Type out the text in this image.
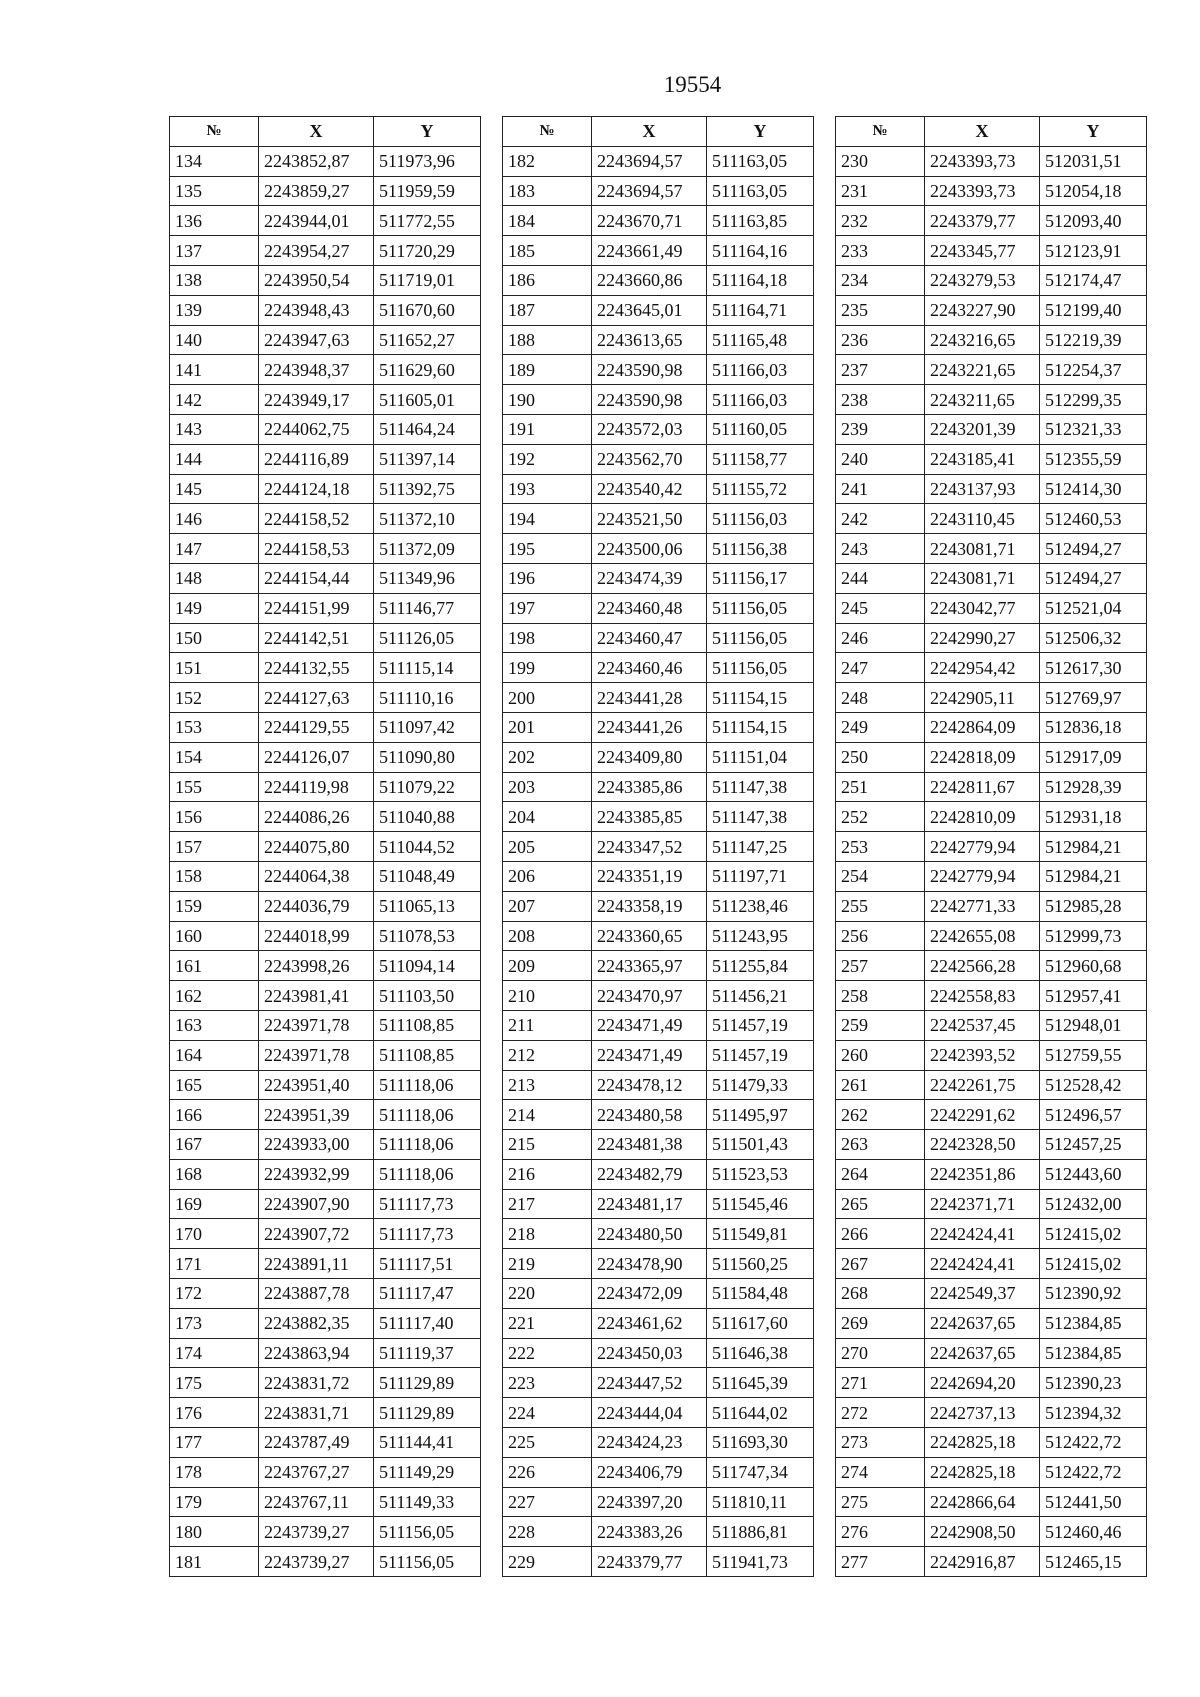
19554
№	X	Y
134	2243852,87	511973,96
135	2243859,27	511959,59
136	2243944,01	511772,55
137	2243954,27	511720,29
138	2243950,54	511719,01
139	2243948,43	511670,60
140	2243947,63	511652,27
141	2243948,37	511629,60
142	2243949,17	511605,01
143	2244062,75	511464,24
144	2244116,89	511397,14
145	2244124,18	511392,75
146	2244158,52	511372,10
147	2244158,53	511372,09
148	2244154,44	511349,96
149	2244151,99	511146,77
150	2244142,51	511126,05
151	2244132,55	511115,14
152	2244127,63	511110,16
153	2244129,55	511097,42
154	2244126,07	511090,80
155	2244119,98	511079,22
156	2244086,26	511040,88
157	2244075,80	511044,52
158	2244064,38	511048,49
159	2244036,79	511065,13
160	2244018,99	511078,53
161	2243998,26	511094,14
162	2243981,41	511103,50
163	2243971,78	511108,85
164	2243971,78	511108,85
165	2243951,40	511118,06
166	2243951,39	511118,06
167	2243933,00	511118,06
168	2243932,99	511118,06
169	2243907,90	511117,73
170	2243907,72	511117,73
171	2243891,11	511117,51
172	2243887,78	511117,47
173	2243882,35	511117,40
174	2243863,94	511119,37
175	2243831,72	511129,89
176	2243831,71	511129,89
177	2243787,49	511144,41
178	2243767,27	511149,29
179	2243767,11	511149,33
180	2243739,27	511156,05
181	2243739,27	511156,05
№	X	Y
182	2243694,57	511163,05
183	2243694,57	511163,05
184	2243670,71	511163,85
185	2243661,49	511164,16
186	2243660,86	511164,18
187	2243645,01	511164,71
188	2243613,65	511165,48
189	2243590,98	511166,03
190	2243590,98	511166,03
191	2243572,03	511160,05
192	2243562,70	511158,77
193	2243540,42	511155,72
194	2243521,50	511156,03
195	2243500,06	511156,38
196	2243474,39	511156,17
197	2243460,48	511156,05
198	2243460,47	511156,05
199	2243460,46	511156,05
200	2243441,28	511154,15
201	2243441,26	511154,15
202	2243409,80	511151,04
203	2243385,86	511147,38
204	2243385,85	511147,38
205	2243347,52	511147,25
206	2243351,19	511197,71
207	2243358,19	511238,46
208	2243360,65	511243,95
209	2243365,97	511255,84
210	2243470,97	511456,21
211	2243471,49	511457,19
212	2243471,49	511457,19
213	2243478,12	511479,33
214	2243480,58	511495,97
215	2243481,38	511501,43
216	2243482,79	511523,53
217	2243481,17	511545,46
218	2243480,50	511549,81
219	2243478,90	511560,25
220	2243472,09	511584,48
221	2243461,62	511617,60
222	2243450,03	511646,38
223	2243447,52	511645,39
224	2243444,04	511644,02
225	2243424,23	511693,30
226	2243406,79	511747,34
227	2243397,20	511810,11
228	2243383,26	511886,81
229	2243379,77	511941,73
№	X	Y
230	2243393,73	512031,51
231	2243393,73	512054,18
232	2243379,77	512093,40
233	2243345,77	512123,91
234	2243279,53	512174,47
235	2243227,90	512199,40
236	2243216,65	512219,39
237	2243221,65	512254,37
238	2243211,65	512299,35
239	2243201,39	512321,33
240	2243185,41	512355,59
241	2243137,93	512414,30
242	2243110,45	512460,53
243	2243081,71	512494,27
244	2243081,71	512494,27
245	2243042,77	512521,04
246	2242990,27	512506,32
247	2242954,42	512617,30
248	2242905,11	512769,97
249	2242864,09	512836,18
250	2242818,09	512917,09
251	2242811,67	512928,39
252	2242810,09	512931,18
253	2242779,94	512984,21
254	2242779,94	512984,21
255	2242771,33	512985,28
256	2242655,08	512999,73
257	2242566,28	512960,68
258	2242558,83	512957,41
259	2242537,45	512948,01
260	2242393,52	512759,55
261	2242261,75	512528,42
262	2242291,62	512496,57
263	2242328,50	512457,25
264	2242351,86	512443,60
265	2242371,71	512432,00
266	2242424,41	512415,02
267	2242424,41	512415,02
268	2242549,37	512390,92
269	2242637,65	512384,85
270	2242637,65	512384,85
271	2242694,20	512390,23
272	2242737,13	512394,32
273	2242825,18	512422,72
274	2242825,18	512422,72
275	2242866,64	512441,50
276	2242908,50	512460,46
277	2242916,87	512465,15
